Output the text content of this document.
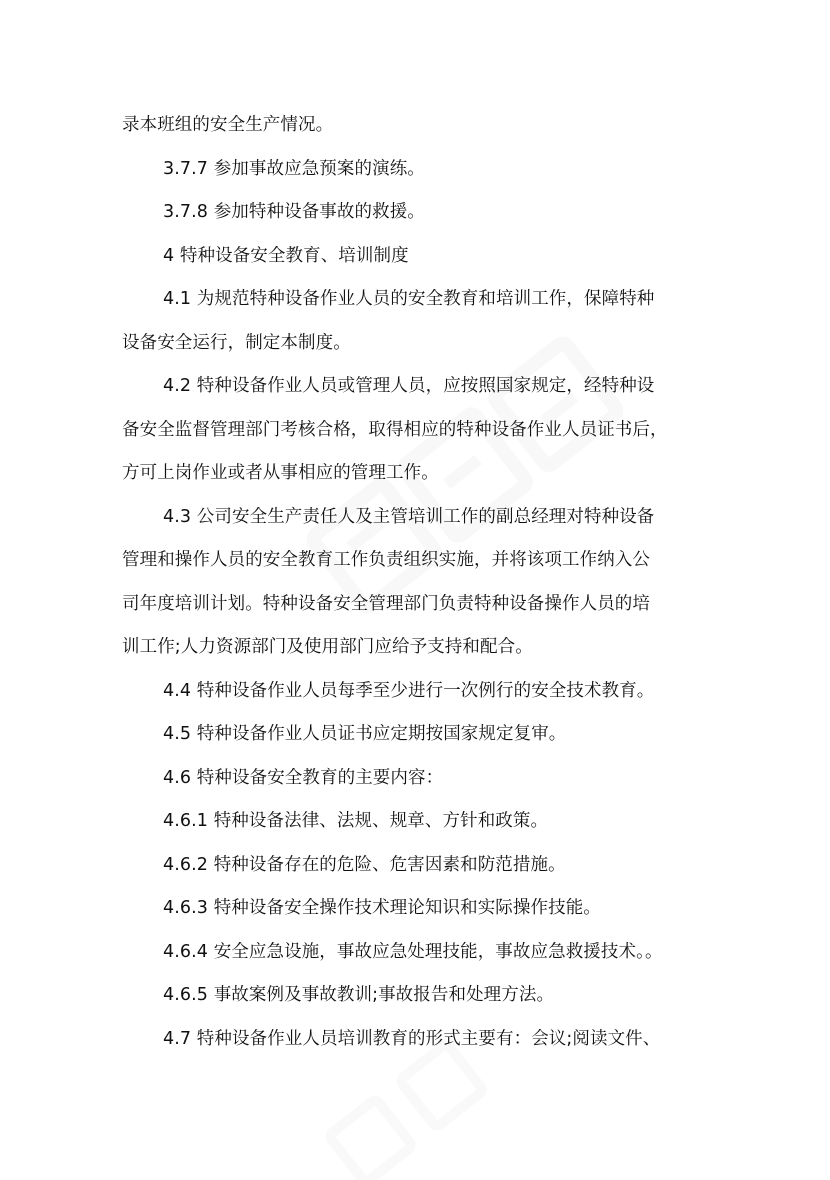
录本班组的安全生产情况。

3.7.7 参加事故应急预案的演练。

3.7.8 参加特种设备事故的救援。

4 特种设备安全教育、培训制度

4.1 为规范特种设备作业人员的安全教育和培训工作，保障特种

设备安全运行，制定本制度。

4.2 特种设备作业人员或管理人员，应按照国家规定，经特种设

备安全监督管理部门考核合格，取得相应的特种设备作业人员证书后，

方可上岗作业或者从事相应的管理工作。

4.3 公司安全生产责任人及主管培训工作的副总经理对特种设备

管理和操作人员的安全教育工作负责组织实施，并将该项工作纳入公

司年度培训计划。特种设备安全管理部门负责特种设备操作人员的培

训工作;人力资源部门及使用部门应给予支持和配合。

4.4 特种设备作业人员每季至少进行一次例行的安全技术教育。

4.5 特种设备作业人员证书应定期按国家规定复审。

4.6 特种设备安全教育的主要内容：

4.6.1 特种设备法律、法规、规章、方针和政策。

4.6.2 特种设备存在的危险、危害因素和防范措施。

4.6.3 特种设备安全操作技术理论知识和实际操作技能。

4.6.4 安全应急设施，事故应急处理技能，事故应急救援技术。。

4.6.5 事故案例及事故教训;事故报告和处理方法。

4.7 特种设备作业人员培训教育的形式主要有：会议;阅读文件、
